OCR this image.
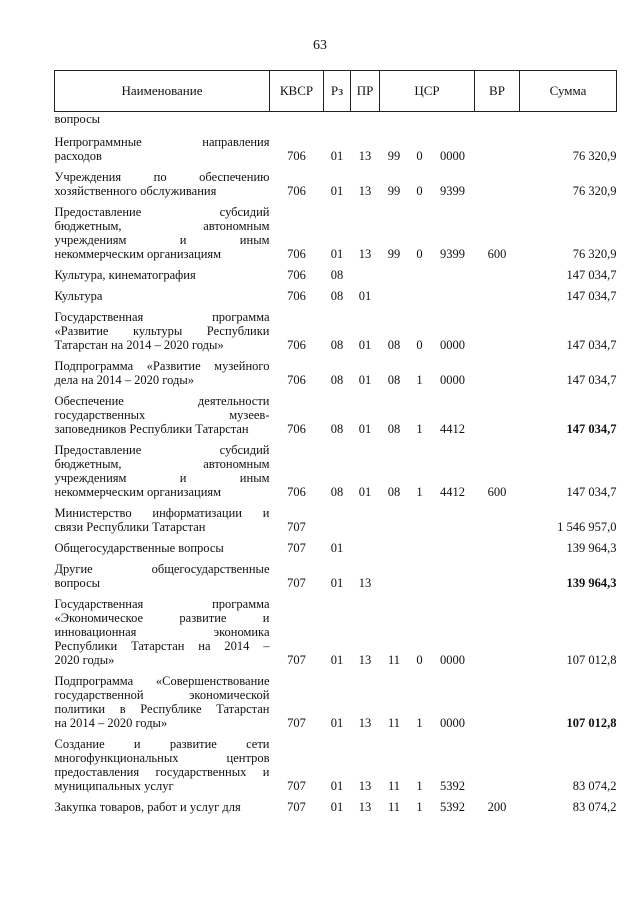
63
Наименование	КВСР	Рз	ПР	ЦСР			ВР	Сумма
вопросы								

Непрограммные направления
расходов	706	01	13	99	0	0000		76 320,9

Учреждения по обеспечению
хозяйственного обслуживания	706	01	13	99	0	9399		76 320,9

Предоставление субсидий
бюджетным, автономным
учреждениям и иным
некоммерческим организациям	706	01	13	99	0	9399	600	76 320,9

Культура, кинематография	706	08						147 034,7

Культура	706	08	01					147 034,7

Государственная программа
«Развитие культуры Республики
Татарстан на 2014 – 2020 годы»	706	08	01	08	0	0000		147 034,7

Подпрограмма «Развитие музейного
дела на 2014 – 2020 годы»	706	08	01	08	1	0000		147 034,7

Обеспечение деятельности
государственных музеев-
заповедников Республики Татарстан	706	08	01	08	1	4412		147 034,7

Предоставление субсидий
бюджетным, автономным
учреждениям и иным
некоммерческим организациям	706	08	01	08	1	4412	600	147 034,7

Министерство информатизации и
связи Республики Татарстан	707							1 546 957,0

Общегосударственные вопросы	707	01						139 964,3

Другие общегосударственные
вопросы	707	01	13					139 964,3

Государственная программа
«Экономическое развитие и
инновационная экономика
Республики Татарстан на 2014 –
2020 годы»	707	01	13	11	0	0000		107 012,8

Подпрограмма «Совершенствование
государственной экономической
политики в Республике Татарстан
на 2014 – 2020 годы»	707	01	13	11	1	0000		107 012,8

Создание и развитие сети
многофункциональных центров
предоставления государственных и
муниципальных услуг	707	01	13	11	1	5392		83 074,2

Закупка товаров, работ и услуг для	707	01	13	11	1	5392	200	83 074,2
